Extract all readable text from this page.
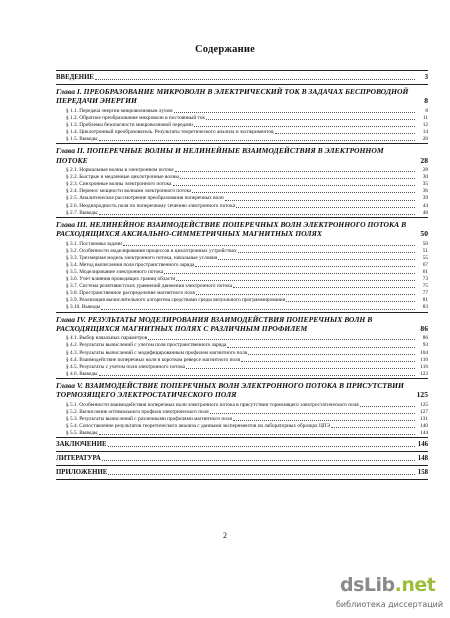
Содержание
ВВЕДЕНИЕ	3
Глава I. ПРЕОБРАЗОВАНИЕ МИКРОВОЛН В ЭЛЕКТРИЧЕСКИЙ ТОК В ЗАДАЧАХ БЕСПРОВОДНОЙ ПЕРЕДАЧИ ЭНЕРГИИ	8
§ 1.1. Передача энергии микроволновым лучом	8
§ 1.2. Обратное преобразование микроволн в постоянный ток	11
§ 1.3. Проблемы безопасности микроволновой передачи	12
§ 1.4. Циклотронный преобразователь. Результаты теоретического анализа и экспериментов	14
§ 1.5. Выводы	26
Глава II. ПОПЕРЕЧНЫЕ ВОЛНЫ И НЕЛИНЕЙНЫЕ ВЗАИМОДЕЙСТВИЯ В ЭЛЕКТРОННОМ ПОТОКЕ	28
§ 2.1. Нормальные волны в электронном потоке	28
§ 2.2. Быстрые и медленные циклотронные волны	30
§ 2.3. Синхронные волны электронного потока	35
§ 2.4. Перенос мощности волнами электронного потока	36
§ 2.5. Аналитическое рассмотрение преобразования поперечных волн	39
§ 2.6. Неоднородность поля по поперечному сечению электронного потока	44
§ 2.7. Выводы	48
Глава III. НЕЛИНЕЙНОЕ ВЗАИМОДЕЙСТВИЕ ПОПЕРЕЧНЫХ ВОЛН ЭЛЕКТРОННОГО ПОТОКА В РАСХОДЯЩИХСЯ АКСИАЛЬНО-СИММЕТРИЧНЫХ МАГНИТНЫХ ПОЛЯХ	50
§ 3.1. Постановка задачи	50
§ 3.2. Особенности моделирования процессов в циклотронных устройствах	51
§ 3.3. Трехмерная модель электронного потока, начальные условия	55
§ 3.4. Метод вычисления поля пространственного заряда	67
§ 3.5. Моделирование электронного потока	61
§ 3.6. Учет влияния проводящих границ области	73
§ 3.7. Система релятивистских уравнений движения электронного потока	75
§ 3.8. Пространственное распределение магнитного поля	77
§ 3.9. Реализация вычислительного алгоритма средствами среды визуального программирования	81
§ 3.10. Выводы	83
Глава IV. РЕЗУЛЬТАТЫ МОДЕЛИРОВАНИЯ ВЗАИМОДЕЙСТВИЯ ПОПЕРЕЧНЫХ ВОЛН В РАСХОДЯЩИХСЯ МАГНИТНЫХ ПОЛЯХ С РАЗЛИЧНЫМ ПРОФИЛЕМ	86
§ 4.1. Выбор начальных параметров	86
§ 4.2. Результаты вычислений с учетом поля пространственного заряда	93
§ 4.3. Результаты вычислений с модифицированным профилем магнитного поля	104
§ 4.4. Взаимодействие поперечных волн в коротком реверсе магнитного поля	110
§ 4.5. Результаты с учетом поля электронного потока	116
§ 4.6. Выводы	123
Глава V. ВЗАИМОДЕЙСТВИЕ ПОПЕРЕЧНЫХ ВОЛН ЭЛЕКТРОННОГО ПОТОКА В ПРИСУТСТВИИ ТОРМОЗЯЩЕГО ЭЛЕКТРОСТАТИЧЕСКОГО ПОЛЯ	125
§ 5.1. Особенности взаимодействия поперечных волн электронного потока в присутствии тормозящего электростатического поля	125
§ 5.2. Вычисление оптимального профиля электрического поля	127
§ 5.3. Результаты вычислений с различными профилями магнитного поля	131
§ 5.4. Сопоставление результатов теоретического анализа с данными экспериментов на лабораторных образцах ЦПЭ	140
§ 5.5. Выводы	144
ЗАКЛЮЧЕНИЕ	146
ЛИТЕРАТУРА	148
ПРИЛОЖЕНИЕ	158
2
dsLib.net
библиотека диссертаций
